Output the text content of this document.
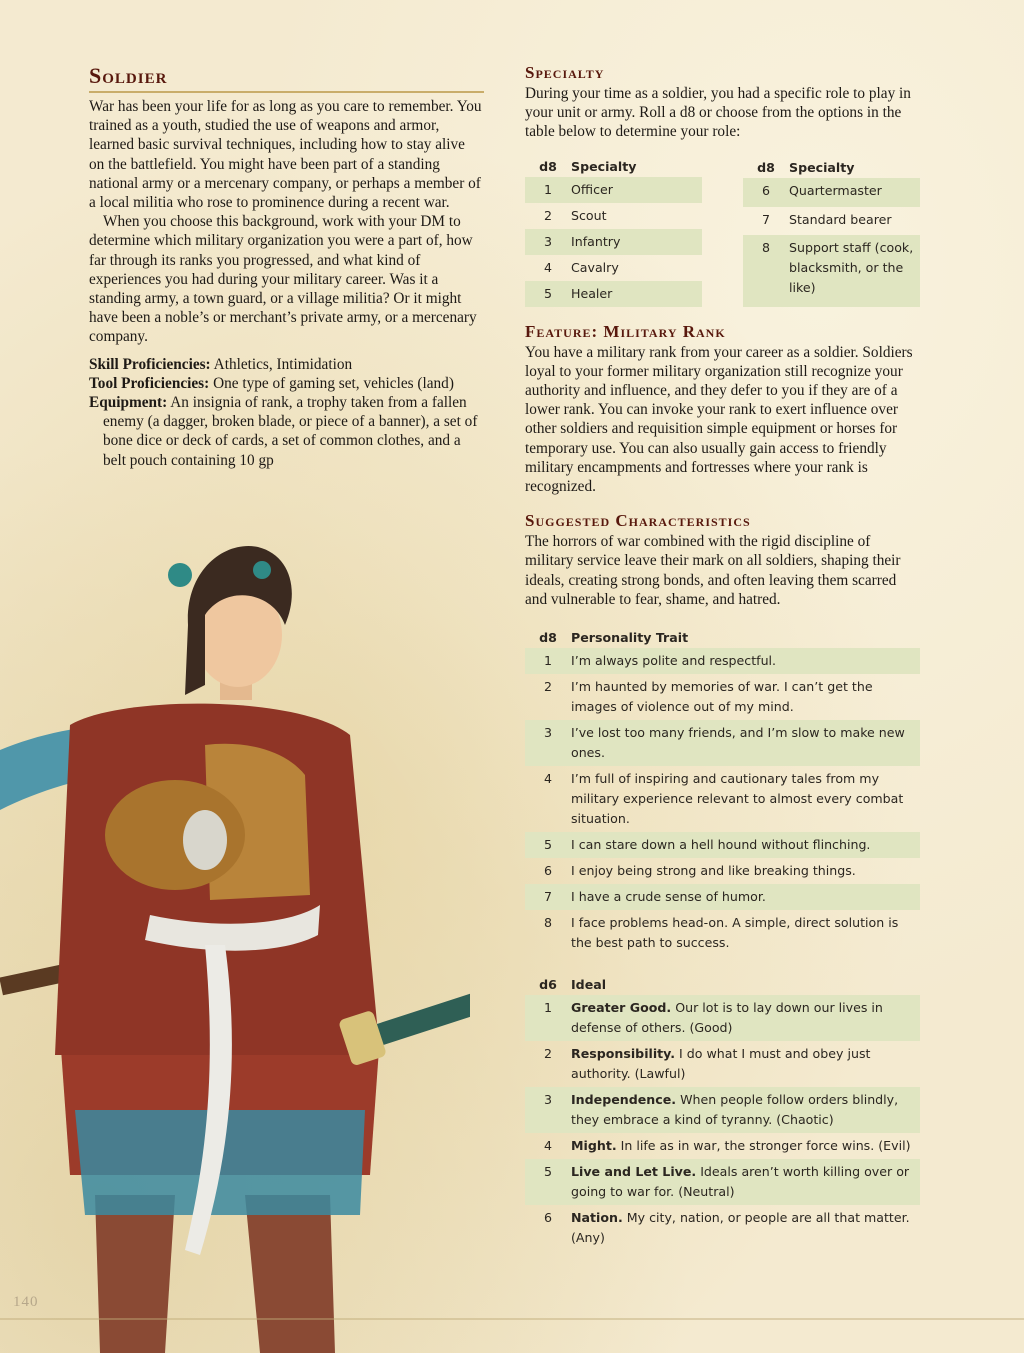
Soldier

War has been your life for as long as you care to remember. You trained as a youth, studied the use of weapons and armor, learned basic survival techniques, including how to stay alive on the battlefield. You might have been part of a standing national army or a mercenary company, or perhaps a member of a local militia who rose to prominence during a recent war.

When you choose this background, work with your DM to determine which military organization you were a part of, how far through its ranks you progressed, and what kind of experiences you had during your military career. Was it a standing army, a town guard, or a village militia? Or it might have been a noble’s or merchant’s private army, or a mercenary company.

Skill Proficiencies: Athletics, Intimidation
Tool Proficiencies: One type of gaming set, vehicles (land)
Equipment: An insignia of rank, a trophy taken from a fallen enemy (a dagger, broken blade, or piece of a banner), a set of bone dice or deck of cards, a set of common clothes, and a belt pouch containing 10 gp
Specialty

During your time as a soldier, you had a specific role to play in your unit or army. Roll a d8 or choose from the options in the table below to determine your role:

d8	Specialty
1	Officer
2	Scout
3	Infantry
4	Cavalry
5	Healer
d8	Specialty
6	Quartermaster
7	Standard bearer
8	Support staff (cook, blacksmith, or the like)
Feature: Military Rank

You have a military rank from your career as a soldier. Soldiers loyal to your former military organization still recognize your authority and influence, and they defer to you if they are of a lower rank. You can invoke your rank to exert influence over other soldiers and requisition simple equipment or horses for temporary use. You can also usually gain access to friendly military encampments and fortresses where your rank is recognized.

Suggested Characteristics

The horrors of war combined with the rigid discipline of military service leave their mark on all soldiers, shaping their ideals, creating strong bonds, and often leaving them scarred and vulnerable to fear, shame, and hatred.

d8	Personality Trait
1	I’m always polite and respectful.
2	I’m haunted by memories of war. I can’t get the images of violence out of my mind.
3	I’ve lost too many friends, and I’m slow to make new ones.
4	I’m full of inspiring and cautionary tales from my military experience relevant to almost every combat situation.
5	I can stare down a hell hound without flinching.
6	I enjoy being strong and like breaking things.
7	I have a crude sense of humor.
8	I face problems head-on. A simple, direct solution is the best path to success.
d6	Ideal
1	Greater Good. Our lot is to lay down our lives in defense of others. (Good)
2	Responsibility. I do what I must and obey just authority. (Lawful)
3	Independence. When people follow orders blindly, they embrace a kind of tyranny. (Chaotic)
4	Might. In life as in war, the stronger force wins. (Evil)
5	Live and Let Live. Ideals aren’t worth killing over or going to war for. (Neutral)
6	Nation. My city, nation, or people are all that matter. (Any)
140
